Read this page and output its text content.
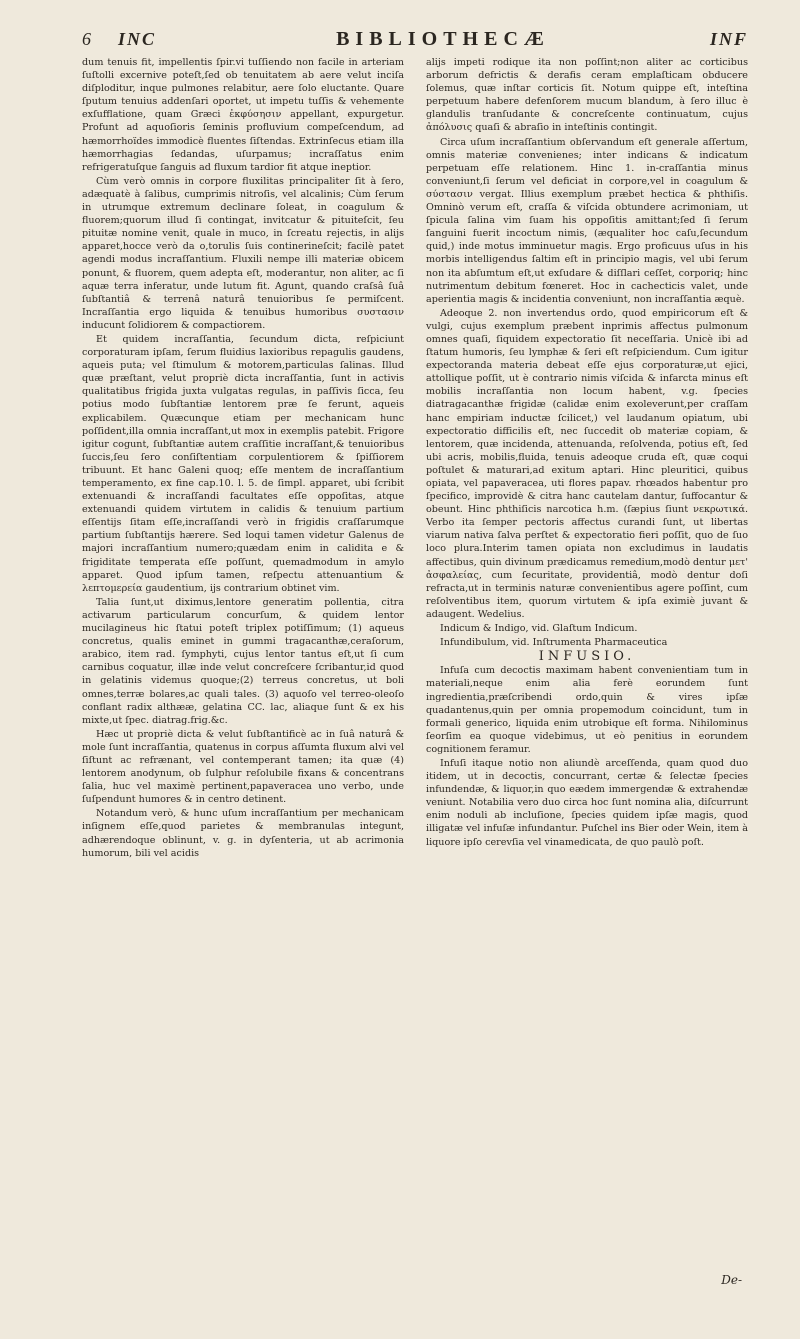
6	INC	BIBLIOTHECÆ	INF

dum tenuis fit, impellentis ſpir.vi tuſſiendo non facile in arteriam ſuſtolli excernive poteſt,ſed ob tenuitatem ab aere velut inciſa diſploditur, inque pulmones relabitur, aere ſolo eluctante. Quare ſputum tenuius addenſari oportet, ut impetu tuſſis & vehemente exſufflatione, quam Græci ἐκφύσησιν appellant, expurgetur. Profunt ad aquoſioris ſeminis profluvium compeſcendum, ad hæmorrhoïdes immodicè fluentes ſiſtendas. Extrinſecus etiam illa hæmorrhagias ſedandas, uſurpamus; incraſſatus enim refrigeratuſque ſanguis ad fluxum tardior fit atque ineptior.

Cùm verò omnis in corpore fluxilitas principaliter ſit à ſero, adæquatè à ſalibus, cumprimis nitroſis, vel alcalinis; Cùm ſerum in utrumque extremum declinare ſoleat, in coagulum & fluorem;quorum illud ſi contingat, invitcatur & pituiteſcit, ſeu pituitæ nomine venit, quale in muco, in ſcreatu rejectis, in alijs apparet,hocce verò da o,torulis ſuis continerineſcit; facilè patet agendi modus incraſſantium. Fluxili nempe illi materiæ obicem ponunt, & fluorem, quem adepta eſt, moderantur, non aliter, ac ſi aquæ terra inferatur, unde lutum fit. Agunt, quando craſsâ ſuâ ſubſtantiâ & terrenâ naturâ tenuioribus ſe permiſcent. Incraſſantia ergo liquida & tenuibus humoribus συστασιν inducunt ſolidiorem & compactiorem.

Et quidem incraſſantia, ſecundum dicta, reſpiciunt corporaturam ipſam, ſerum fluidius laxioribus repagulis gaudens, aqueis puta; vel ſtimulum & motorem,particulas ſalinas. Illud quæ præſtant, velut propriè dicta incraſſantia, ſunt in activis qualitatibus frigida juxta vulgatas regulas, in paſſivis ſicca, ſeu potius modo ſubſtantiæ lentorem præ ſe ferunt, aqueis explicabilem. Quæcunque etiam per mechanicam hunc poſſident,illa omnia incraſſant,ut mox in exemplis patebit. Frigore igitur cogunt, ſubſtantiæ autem craſſitie incraſſant,& tenuioribus ſuccis,ſeu ſero conſiſtentiam corpulentiorem & ſpiſſiorem tribuunt. Et hanc Galeni quoq; eſſe mentem de incraſſantium temperamento, ex fine cap.10. l. 5. de ſimpl. apparet, ubi ſcribit extenuandi & incraſſandi facultates eſſe oppoſitas, atque extenuandi quidem virtutem in calidis & tenuium partium eſſentijs ſitam eſſe,incraſſandi verò in frigidis craſſarumque partium ſubſtantijs hærere. Sed loqui tamen videtur Galenus de majori incraſſantium numero;quædam enim in calidita e & frigiditate temperata eſſe poſſunt, quemadmodum in amylo apparet. Quod ipſum tamen, reſpectu attenuantium & λεπτομερεία gaudentium, ijs contrarium obtinet vim.

Talia ſunt,ut diximus,lentore generatim pollentia, citra activarum particularum concurſum, & quidem lentor mucilagineus hic ſtatui poteſt triplex potiſſimum; (1) aqueus concretus, qualis eminet in gummi tragacanthæ,ceraſorum, arabico, item rad. ſymphyti, cujus lentor tantus eſt,ut ſi cum carnibus coquatur, illæ inde velut concreſcere ſcribantur,id quod in gelatinis videmus quoque;(2) terreus concretus, ut boli omnes,terræ bolares,ac quali tales. (3) aquoſo vel terreo-oleoſo conflant radix althææ, gelatina CC. lac, aliaque ſunt & ex his mixte,ut ſpec. diatrag.frig.&c.

Hæc ut propriè dicta & velut ſubſtantificè ac in ſuâ naturâ & mole ſunt incraſſantia, quatenus in corpus aſſumta fluxum alvi vel ſiſtunt ac refrænant, vel contemperant tamen; ita quæ (4) lentorem anodynum, ob ſulphur reſolubile fixans & concentrans ſalia, huc vel maximè pertinent,papaveracea uno verbo, unde ſuſpendunt humores & in centro detinent.

Notandum verò, & hunc uſum incraſſantium per mechanicam inſignem eſſe,quod parietes & membranulas integunt, adhærendoque oblinunt, v. g. in dyſenteria, ut ab acrimonia humorum, bili vel acidis

alijs impeti rodique ita non poſſint;non aliter ac corticibus arborum defrictis & derafis ceram emplaſticam obducere ſolemus, quæ inſtar corticis ſit. Notum quippe eſt, inteſtina perpetuum habere defenſorem mucum blandum, à ſero illuc è glandulis tranſudante & concreſcente continuatum, cujus ἀπόλυσις quaſi & abraſio in inteſtinis contingit.

Circa uſum incraſſantium obſervandum eſt generale aſſertum, omnis materiæ convenienes; inter indicans & indicatum perpetuam eſſe relationem. Hinc 1. in-craſſantia minus conveniunt,ſi ſerum vel deficiat in corpore,vel in coagulum & σύστασιν vergat. Illius exemplum præbet hectica & phthiſis. Omninò verum eſt, craſſa & viſcida obtundere acrimoniam, ut ſpicula ſalina vim ſuam his oppoſitis amittant;ſed ſi ſerum ſanguini fuerit incoctum nimis, (æqualiter hoc caſu,ſecundum quid,) inde motus imminuetur magis. Ergo proficuus uſus in his morbis intelligendus ſaltim eſt in principio magis, vel ubi ſerum non ita abſumtum eſt,ut exſudare & diſſlari ceſſet, corporiq; hinc nutrimentum debitum fœneret. Hoc in cachecticis valet, unde aperientia magis & incidentia conveniunt, non incraſſantia æquè.

Adeoque 2. non invertendus ordo, quod empiricorum eſt & vulgi, cujus exemplum præbent inprimis affectus pulmonum omnes quaſi, ſiquidem expectoratio ſit neceſſaria. Unicè ibi ad ſtatum humoris, ſeu lymphæ & ſeri eſt reſpiciendum. Cum igitur expectoranda materia debeat eſſe ejus corporaturæ,ut ejici, attollique poſſit, ut è contrario nimis viſcida & infarcta minus eſt mobilis incraſſantia non locum habent, v.g. ſpecies diatragacanthæ frigidæ (calidæ enim exoleverunt,per craſſam hanc empiriam inductæ ſcilicet,) vel laudanum opiatum, ubi expectoratio difficilis eſt, nec ſuccedit ob materiæ copiam, & lentorem, quæ incidenda, attenuanda, reſolvenda, potius eſt, ſed ubi acris, mobilis,fluida, tenuis adeoque cruda eſt, quæ coqui poſtulet & maturari,ad exitum aptari. Hinc pleuritici, quibus opiata, vel papaveracea, uti flores papav. rhœados habentur pro ſpecifico, improvidè & citra hanc cautelam dantur, ſuffocantur & obeunt. Hinc phthiſicis narcotica h.m. (ſæpius ſiunt νεκρωτικά. Verbo ita ſemper pectoris affectus curandi ſunt, ut libertas viarum nativa ſalva perſtet & expectoratio fieri poſſit, quo de ſuo loco plura.Interim tamen opiata non excludimus in laudatis affectibus, quin divinum prædicamus remedium,modò dentur μετ' ἀσφαλείας, cum ſecuritate, providentiâ, modò dentur doſi refracta,ut in terminis naturæ convenientibus agere poſſint, cum reſolventibus item, quorum virtutem & ipſa eximiè juvant & adaugent. Wedelius.

Indicum & Indigo, vid. Glaſtum Indicum.

Infundibulum, vid. Inſtrumenta Pharmaceutica

INFUSIO.

Infuſa cum decoctis maximam habent convenientiam tum in materiali,neque enim alia ferè eorundem ſunt ingredientia,præſcribendi ordo,quin & vires ipſæ quadantenus,quin per omnia propemodum coincidunt, tum in formali generico, liquida enim utrobique eſt forma. Nihilominus ſeorſim ea quoque videbimus, ut eò penitius in eorundem cognitionem feramur.

Infuſi itaque notio non aliundè arceſſenda, quam quod duo itidem, ut in decoctis, concurrant, certæ & ſelectæ ſpecies infundendæ, & liquor,in quo eædem immergendæ & extrahendæ veniunt. Notabilia vero duo circa hoc ſunt nomina alia, diſcurrunt enim noduli ab incluſione, ſpecies quidem ipſæ magis, quod illigatæ vel infuſæ infundantur. Puſchel ins Bier oder Wein, item à liquore ipſo cerevſia vel vinamedicata, de quo paulò poſt.

De-
